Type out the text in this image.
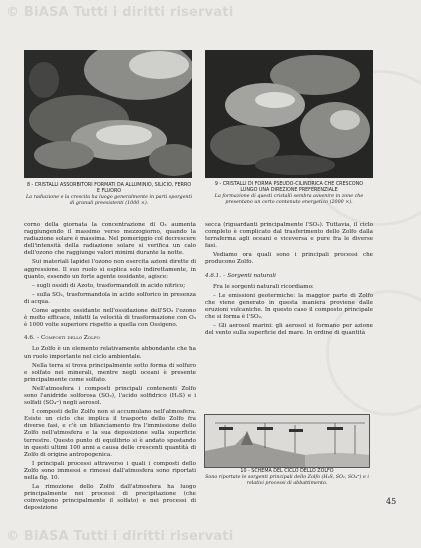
© BiASA Tutti i diritti riservati
8 - CRISTALLI ASSORBITORI FORMATI DA ALLUMINIO, SILICIO, FERRO E FLUORO
La radiazione e la crescita ha luogo generalmente in parti sporgenti di granuli preesistenti (1000 ×).
9 - CRISTALLI DI FORMA PSEUDO-CILINDRICA CHE CRESCONO LUNGO UNA DIREZIONE PREFERENZIALE
La formazione di questi cristalli sembra avvenire in zone che presentano un certo contenuto energetico (2000 ×).

corno della giornata la concentrazione di O₃ aumenta raggiungendo il massimo verso mezzogiorno, quando la radiazione solare è massima. Nel pomeriggio col decrescere dell'intensità della radiazione solare si verifica un calo dell'ozono che raggiunge valori minimi durante la notte.

Sui materiali lapidei l'ozono non esercita azioni dirette di aggressione. Il suo ruolo si esplica solo indirettamente, in quanto, essendo un forte agente ossidante, agisce:

– sugli ossidi di Azoto, trasformandoli in acido nitrico;

– sulla SO₂, trasformandola in acido solforico in presenza di acqua.

Come agente ossidante nell'ossidazione dell'SO₂ l'ozono è molto efficace, infatti la velocità di trasformazione con O₃ è 1000 volte superiore rispetto a quella con Ossigeno.

4.6. – Composti dello Zolfo

Lo Zolfo è un elemento relativamente abbondante che ha un ruolo importante nel ciclo ambientale.

Nella terra si trova principalmente sotto forma di solfuro e solfato nei minerali, mentre negli oceani è presente principalmente come solfato.

Nell'atmosfera i composti principali contenenti Zolfo sono l'anidride solforosa (SO₂), l'acido solfidrico (H₂S) e i solfati (SO₄⁼) negli aerosol.

I composti dello Zolfo non si accumulano nell'atmosfera. Esiste un ciclo che implica il trasporto dello Zolfo fra diverse fasi, e c'è un bilanciamento fra l'immissione dello Zolfo nell'atmosfera e la sua deposizione sulla superficie terrestre. Questo punto di equilibrio si è andato spostando in questi ultimi 100 anni a causa delle crescenti quantità di Zolfo di origine antropogenica.

I principali processi attraverso i quali i composti dello Zolfo sono immessi e rimossi dall'atmosfera sono riportati nella fig. 10.

La rimozione dello Zolfo dall'atmosfera ha luogo principalmente nei processi di precipitazione (che coinvolgono principalmente il solfato) e nei processi di deposizione

secca (riguardanti principalmente l'SO₂). Tuttavia, il ciclo completo è complicato dal trasferimento dello Zolfo dalla terraferma agli oceani e viceversa e pure fra le diverse fasi.

Vediamo ora quali sono i principali processi che producono Zolfo.

4.6.1. – Sorgenti naturali

Fra le sorgenti naturali ricordiamo:

– Le emissioni geotermiche: la maggior parte di Zolfo che viene generato in questa maniera proviene dalle eruzioni vulcaniche. In questo caso il composto principale che si forma è l'SO₂.

– Gli aerosol marini: gli aerosol si formano per azione del vento sulla superficie del mare. In ordine di quantità

10 - SCHEMA DEL CICLO DELLO ZOLFO
Sono riportate le sorgenti principali dello Zolfo (H₂S, SO₂, SO₄⁼) e i relativi processi di abbattimento.
45
© BiASA Tutti i diritti riservati
